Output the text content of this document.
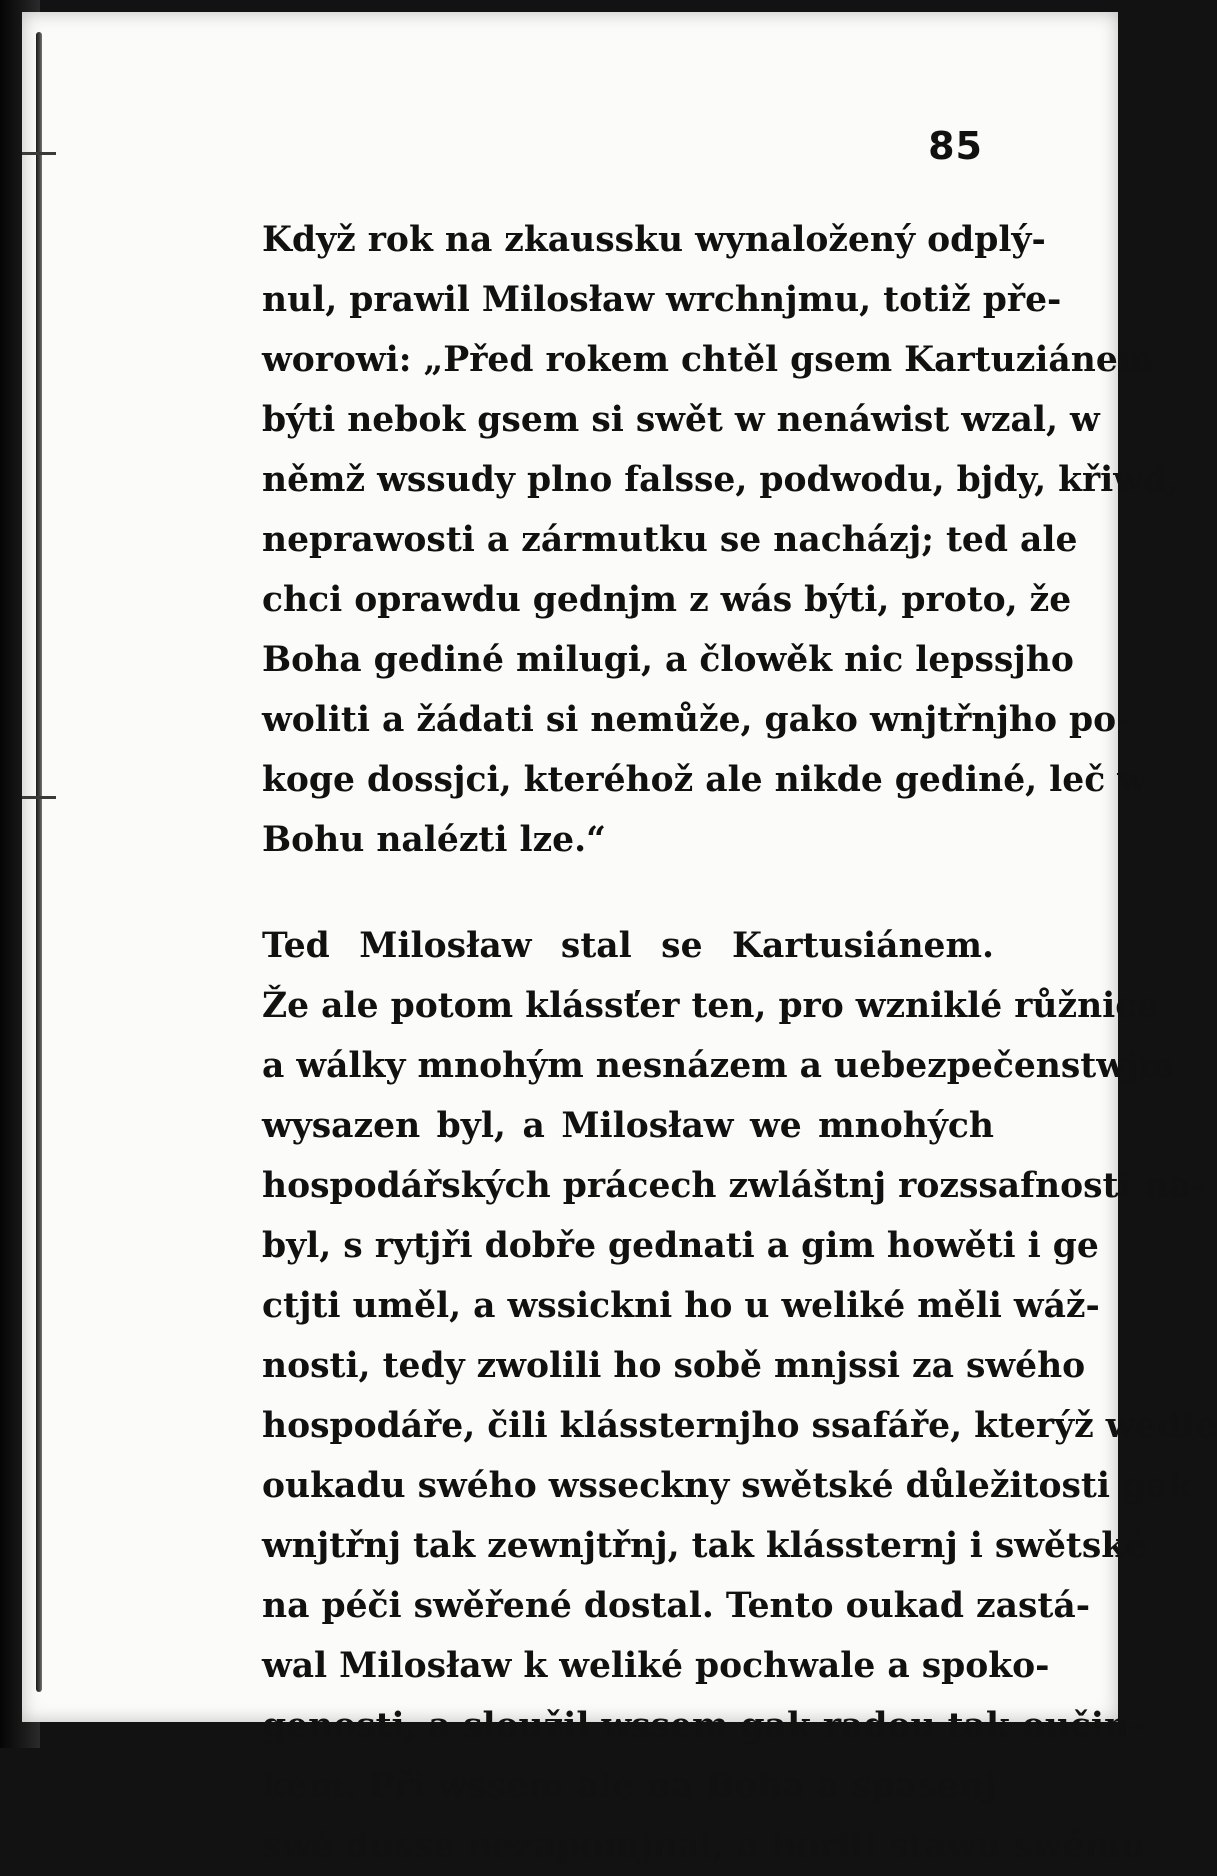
85

Když rok na zkaussku wynaložený odplý-
nul, prawil Milosław wrchnjmu, totiž pře-
worowi: „Před rokem chtěl gsem Kartuziánem
býti nebok gsem si swět w nenáwist wzal, w
němž wssudy plno falsse, podwodu, bjdy, křiwd,
neprawosti a zármutku se nacházj; ted ale
chci oprawdu gednjm z wás býti, proto, že
Boha gediné milugi, a člowěk nic lepssjho
woliti a žádati si nemůže, gako wnjtřnjho po-
koge dossjci, kteréhož ale nikde gediné, leč w
Bohu nalézti lze.“

Ted Milosław stal se Kartusiánem.
Že ale potom klássťer ten, pro wzniklé růžnice
a wálky mnohým nesnázem a uebezpečenstwjm
wysazen byl, a Milosław we mnohých
hospodářských prácech zwláštnj rozssafnosti na-
byl, s rytjři dobře gednati a gim howěti i ge
ctjti uměl, a wssickni ho u weliké měli wáž-
nosti, tedy zwolili ho sobě mnjssi za swého
hospodáře, čili klássternjho ssafáře, kterýž wedle
oukadu swého wsseckny swětské důležitosti gak
wnjtřnj tak zewnjtřnj, tak klássternj i swětské
na péči swěřené dostal. Tento oukad zastá-
wal Milosław k weliké pochwale a spoko-
genosti, a sloužil wssem gak radou tak oučin-
kem. Při wssem ale na Boha a spasenj
swé dusse nezapomjnal, a horlil stawu swému
